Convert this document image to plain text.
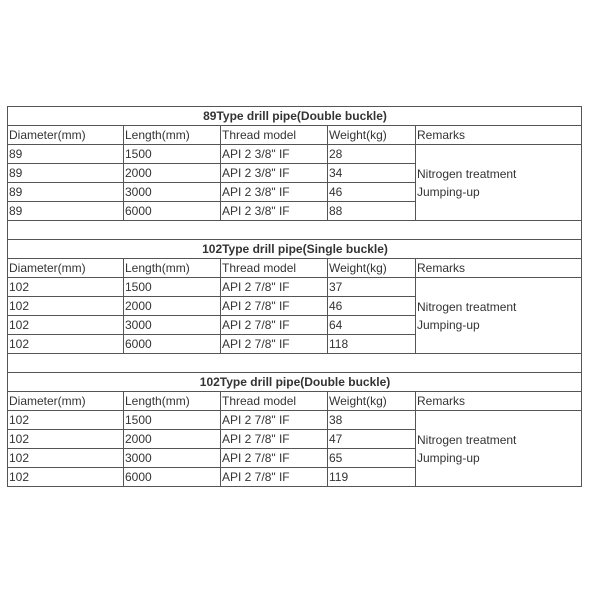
89Type drill pipe(Double buckle)				
Diameter(mm)	Length(mm)	Thread model	Weight(kg)	Remarks
89	1500	API 2 3/8" IF	28	Nitrogen treatment
Jumping-up

89	2000	API 2 3/8" IF	34	
89	3000	API 2 3/8" IF	46	
89	6000	API 2 3/8" IF	88	

102Type drill pipe(Single buckle)				
Diameter(mm)	Length(mm)	Thread model	Weight(kg)	Remarks
102	1500	API 2 7/8" IF	37	Nitrogen treatment
Jumping-up

102	2000	API 2 7/8" IF	46	
102	3000	API 2 7/8" IF	64	
102	6000	API 2 7/8" IF	118	

102Type drill pipe(Double buckle)				
Diameter(mm)	Length(mm)	Thread model	Weight(kg)	Remarks
102	1500	API 2 7/8" IF	38	Nitrogen treatment
Jumping-up

102	2000	API 2 7/8" IF	47	
102	3000	API 2 7/8" IF	65	
102	6000	API 2 7/8" IF	119	
